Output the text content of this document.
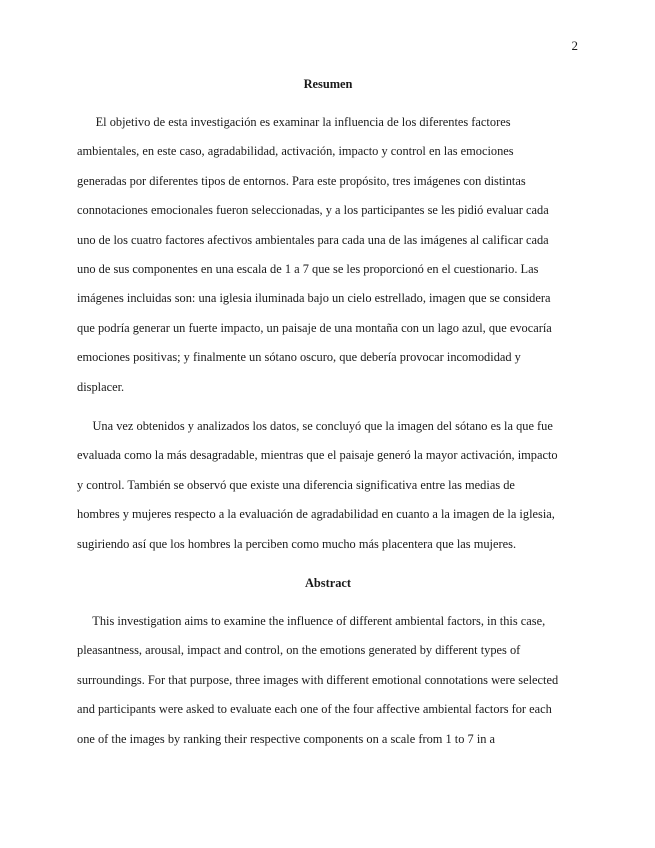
2
Resumen
El objetivo de esta investigación es examinar la influencia de los diferentes factores
ambientales, en este caso, agradabilidad, activación, impacto y control en las emociones
generadas por diferentes tipos de entornos. Para este propósito, tres imágenes con distintas
connotaciones emocionales fueron seleccionadas, y a los participantes se les pidió evaluar cada
uno de los cuatro factores afectivos ambientales para cada una de las imágenes al calificar cada
uno de sus componentes en una escala de 1 a 7 que se les proporcionó en el cuestionario. Las
imágenes incluidas son: una iglesia iluminada bajo un cielo estrellado, imagen que se considera
que podría generar un fuerte impacto, un paisaje de una montaña con un lago azul, que evocaría
emociones positivas; y finalmente un sótano oscuro, que debería provocar incomodidad y
displacer.
Una vez obtenidos y analizados los datos, se concluyó que la imagen del sótano es la que fue
evaluada como la más desagradable, mientras que el paisaje generó la mayor activación, impacto
y control. También se observó que existe una diferencia significativa entre las medias de
hombres y mujeres respecto a la evaluación de agradabilidad en cuanto a la imagen de la iglesia,
sugiriendo así que los hombres la perciben como mucho más placentera que las mujeres.
Abstract
This investigation aims to examine the influence of different ambiental factors, in this case,
pleasantness, arousal, impact and control, on the emotions generated by different types of
surroundings. For that purpose, three images with different emotional connotations were selected
and participants were asked to evaluate each one of the four affective ambiental factors for each
one of the images by ranking their respective components on a scale from 1 to 7 in a
